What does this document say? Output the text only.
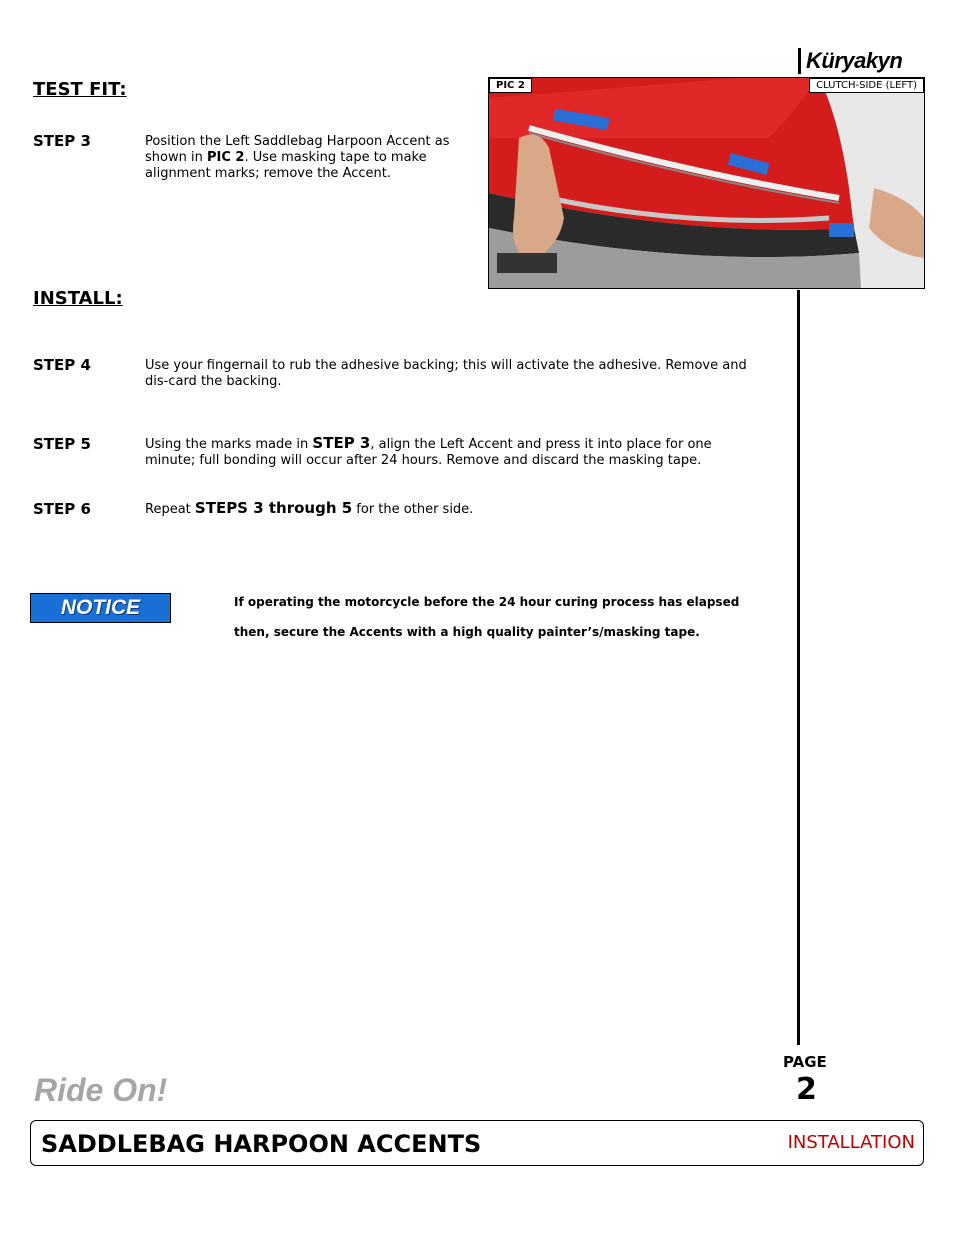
Küryakyn
PIC 2	CLUTCH-SIDE (LEFT)
TEST FIT:
STEP 3	Position the Left Saddlebag Harpoon Accent as shown in PIC 2. Use masking tape to make alignment marks; remove the Accent.
INSTALL:
STEP 4	Use your fingernail to rub the adhesive backing; this will activate the adhesive. Remove and dis-card the backing.
STEP 5	Using the marks made in STEP 3, align the Left Accent and press it into place for one minute; full bonding will occur after 24 hours. Remove and discard the masking tape.
STEP 6	Repeat STEPS 3 through 5 for the other side.
NOTICE	If operating the motorcycle before the 24 hour curing process has elapsed
then, secure the Accents with a high quality painter’s/masking tape.
PAGE
2
Ride On!
SADDLEBAG HARPOON ACCENTS	INSTALLATION
